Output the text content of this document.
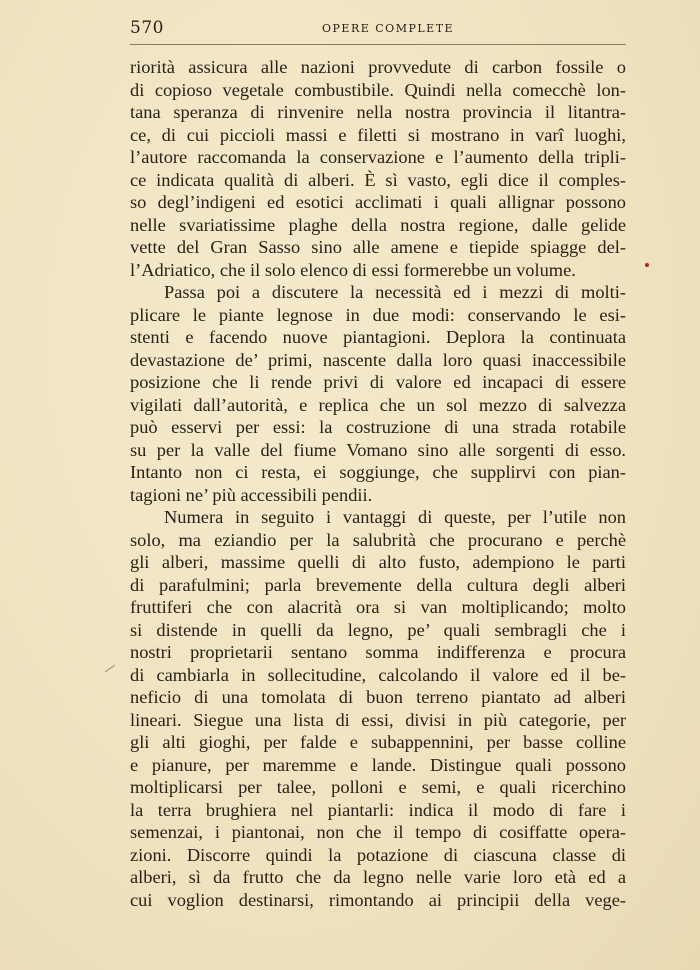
570	OPERE COMPLETE
riorità assicura alle nazioni provvedute di carbon fossile o
di copioso vegetale combustibile. Quindi nella comecchè lon-
tana speranza di rinvenire nella nostra provincia il litantra-
ce, di cui piccioli massi e filetti si mostrano in varî luoghi,
l’autore raccomanda la conservazione e l’aumento della tripli-
ce indicata qualità di alberi. È sì vasto, egli dice il comples-
so degl’indigeni ed esotici acclimati i quali allignar possono
nelle svariatissime plaghe della nostra regione, dalle gelide
vette del Gran Sasso sino alle amene e tiepide spiagge del-
l’Adriatico, che il solo elenco di essi formerebbe un volume.
Passa poi a discutere la necessità ed i mezzi di molti-
plicare le piante legnose in due modi: conservando le esi-
stenti e facendo nuove piantagioni. Deplora la continuata
devastazione de’ primi, nascente dalla loro quasi inaccessibile
posizione che li rende privi di valore ed incapaci di essere
vigilati dall’autorità, e replica che un sol mezzo di salvezza
può esservi per essi: la costruzione di una strada rotabile
su per la valle del fiume Vomano sino alle sorgenti di esso.
Intanto non ci resta, ei soggiunge, che supplirvi con pian-
tagioni ne’ più accessibili pendii.
Numera in seguito i vantaggi di queste, per l’utile non
solo, ma eziandio per la salubrità che procurano e perchè
gli alberi, massime quelli di alto fusto, adempiono le parti
di parafulmini; parla brevemente della cultura degli alberi
fruttiferi che con alacrità ora si van moltiplicando; molto
si distende in quelli da legno, pe’ quali sembragli che i
nostri proprietarii sentano somma indifferenza e procura
di cambiarla in sollecitudine, calcolando il valore ed il be-
neficio di una tomolata di buon terreno piantato ad alberi
lineari. Siegue una lista di essi, divisi in più categorie, per
gli alti gioghi, per falde e subappennini, per basse colline
e pianure, per maremme e lande. Distingue quali possono
moltiplicarsi per talee, polloni e semi, e quali ricerchino
la terra brughiera nel piantarli: indica il modo di fare i
semenzai, i piantonai, non che il tempo di cosiffatte opera-
zioni. Discorre quindi la potazione di ciascuna classe di
alberi, sì da frutto che da legno nelle varie loro età ed a
cui voglion destinarsi, rimontando ai principii della vege-
